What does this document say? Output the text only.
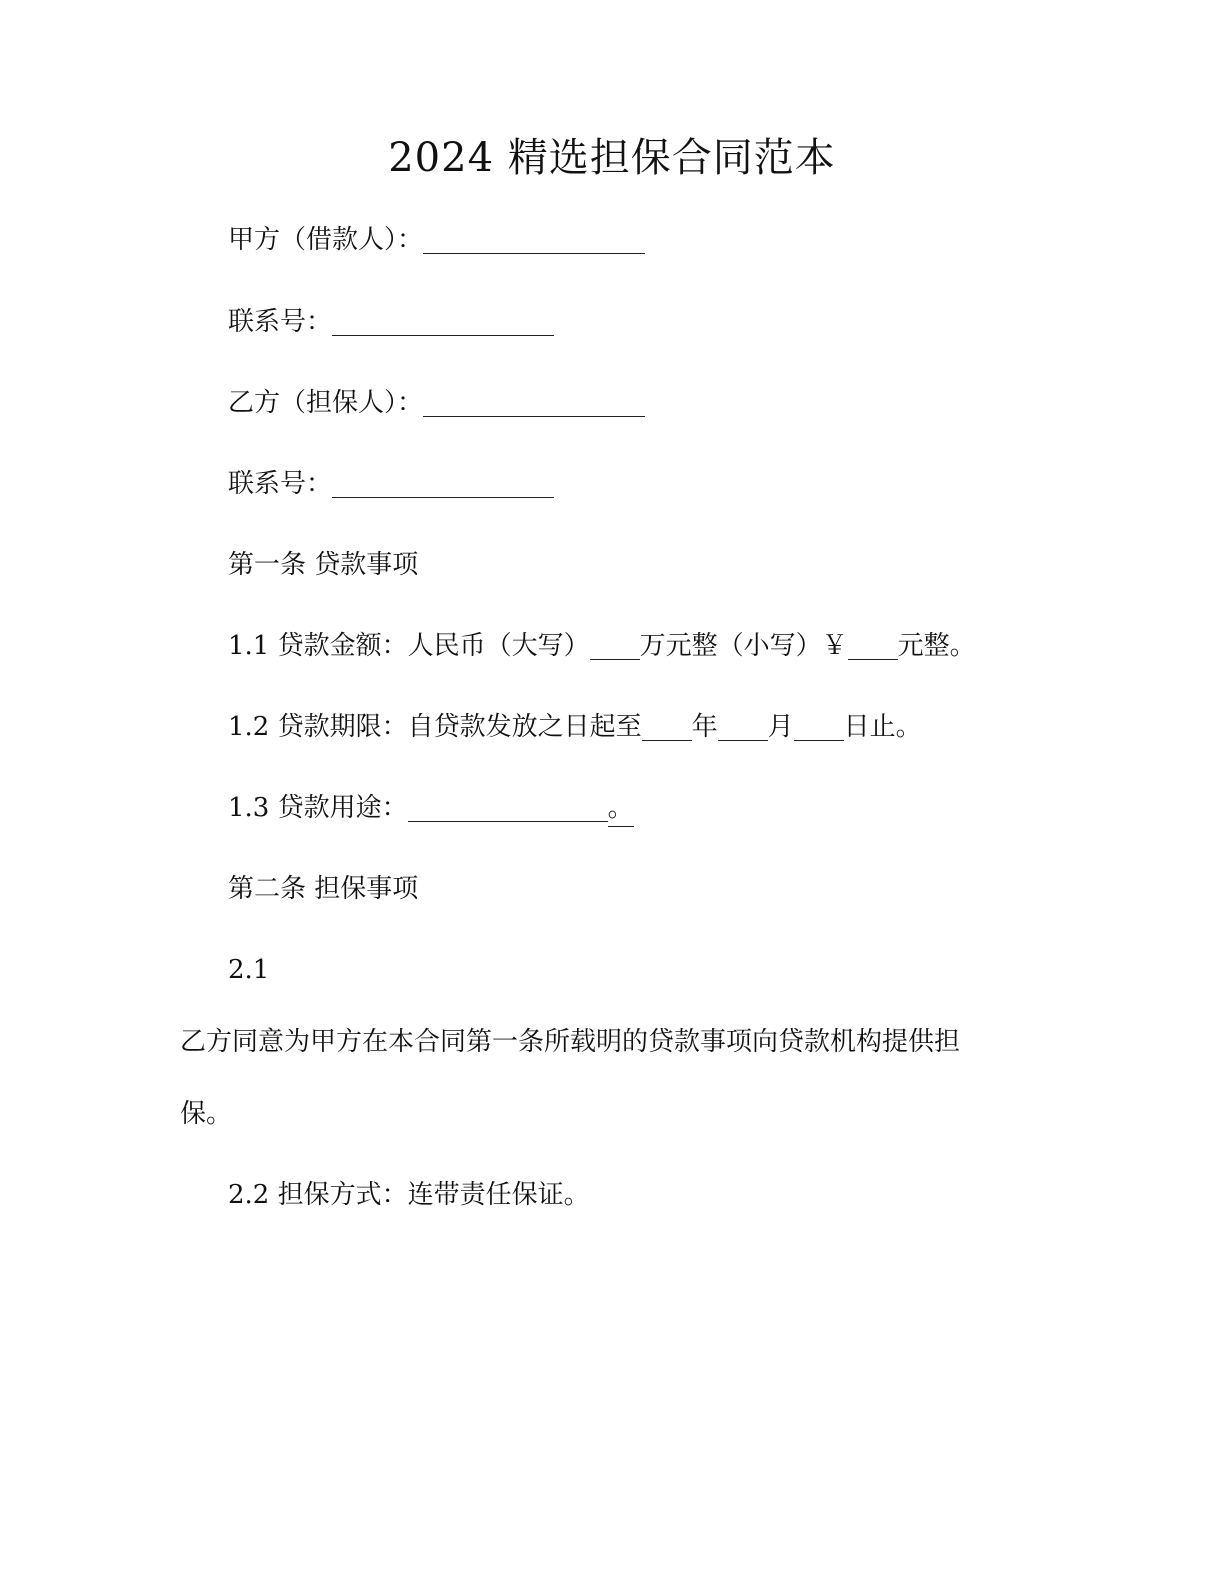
2024 精选担保合同范本
甲方（借款人）：
联系号：
乙方（担保人）：
联系号：
第一条 贷款事项
1.1 贷款金额：人民币（大写） 万元整（小写）￥ 元整。
1.2 贷款期限：自贷款发放之日起至 年 月 日止。
1.3 贷款用途：	。
第二条 担保事项
2.1
乙方同意为甲方在本合同第一条所载明的贷款事项向贷款机构提供担
保。
2.2 担保方式：连带责任保证。
